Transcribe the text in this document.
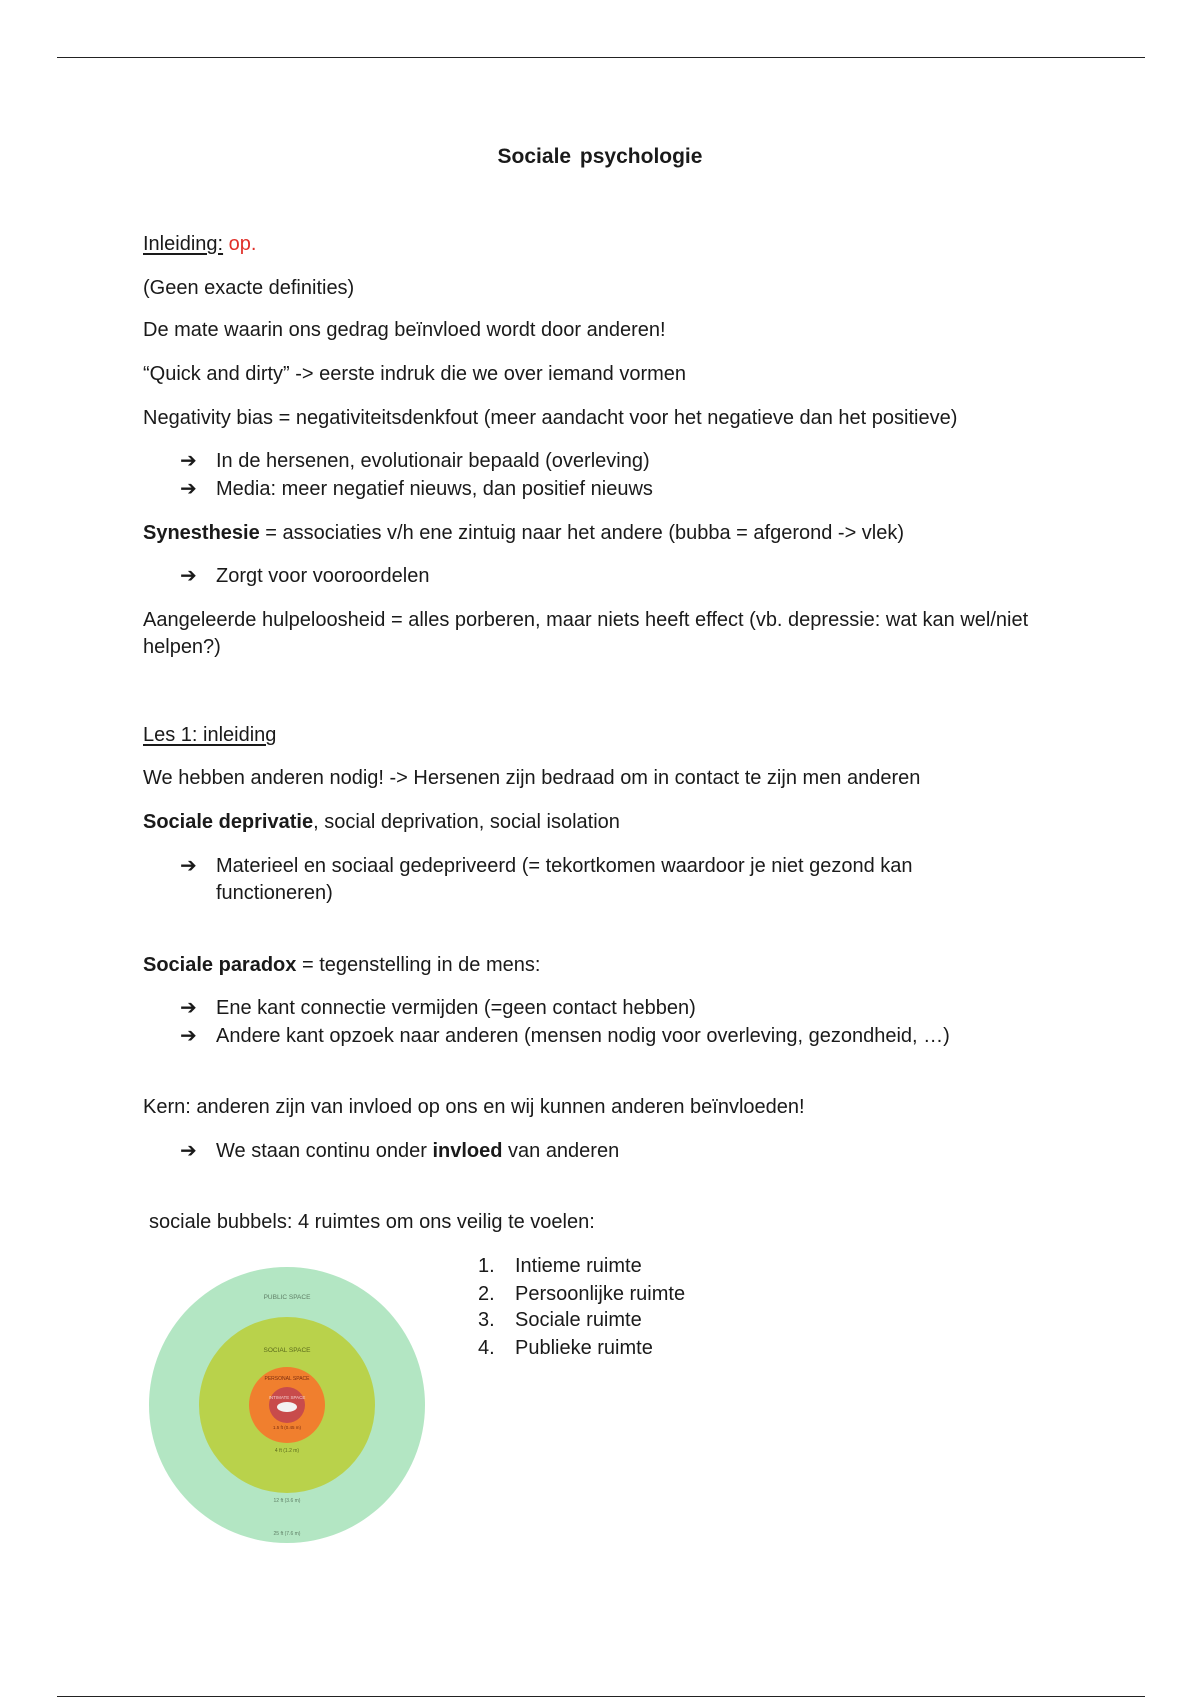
Sociale psychologie
Inleiding: op.
(Geen exacte definities)
De mate waarin ons gedrag beïnvloed wordt door anderen!
“Quick and dirty” -> eerste indruk die we over iemand vormen
Negativity bias = negativiteitsdenkfout (meer aandacht voor het negatieve dan het positieve)
➔ In de hersenen, evolutionair bepaald (overleving)
➔ Media: meer negatief nieuws, dan positief nieuws
Synesthesie = associaties v/h ene zintuig naar het andere (bubba = afgerond -> vlek)
➔ Zorgt voor vooroordelen
Aangeleerde hulpeloosheid = alles porberen, maar niets heeft effect (vb. depressie: wat kan wel/niet helpen?)
Les 1: inleiding
We hebben anderen nodig! -> Hersenen zijn bedraad om in contact te zijn men anderen
Sociale deprivatie, social deprivation, social isolation
➔ Materieel en sociaal gedepriveerd (= tekortkomen waardoor je niet gezond kan functioneren)
Sociale paradox = tegenstelling in de mens:
➔ Ene kant connectie vermijden (=geen contact hebben)
➔ Andere kant opzoek naar anderen (mensen nodig voor overleving, gezondheid, …)
Kern: anderen zijn van invloed op ons en wij kunnen anderen beïnvloeden!
➔ We staan continu onder invloed van anderen
sociale bubbels: 4 ruimtes om ons veilig te voelen:
PUBLIC SPACE
SOCIAL SPACE
PERSONAL SPACE
INTIMATE SPACE
1.5 ft (0.45 m)
4 ft (1.2 m)
12 ft (3.6 m)
25 ft (7.6 m)
1. Intieme ruimte
2. Persoonlijke ruimte
3. Sociale ruimte
4. Publieke ruimte
